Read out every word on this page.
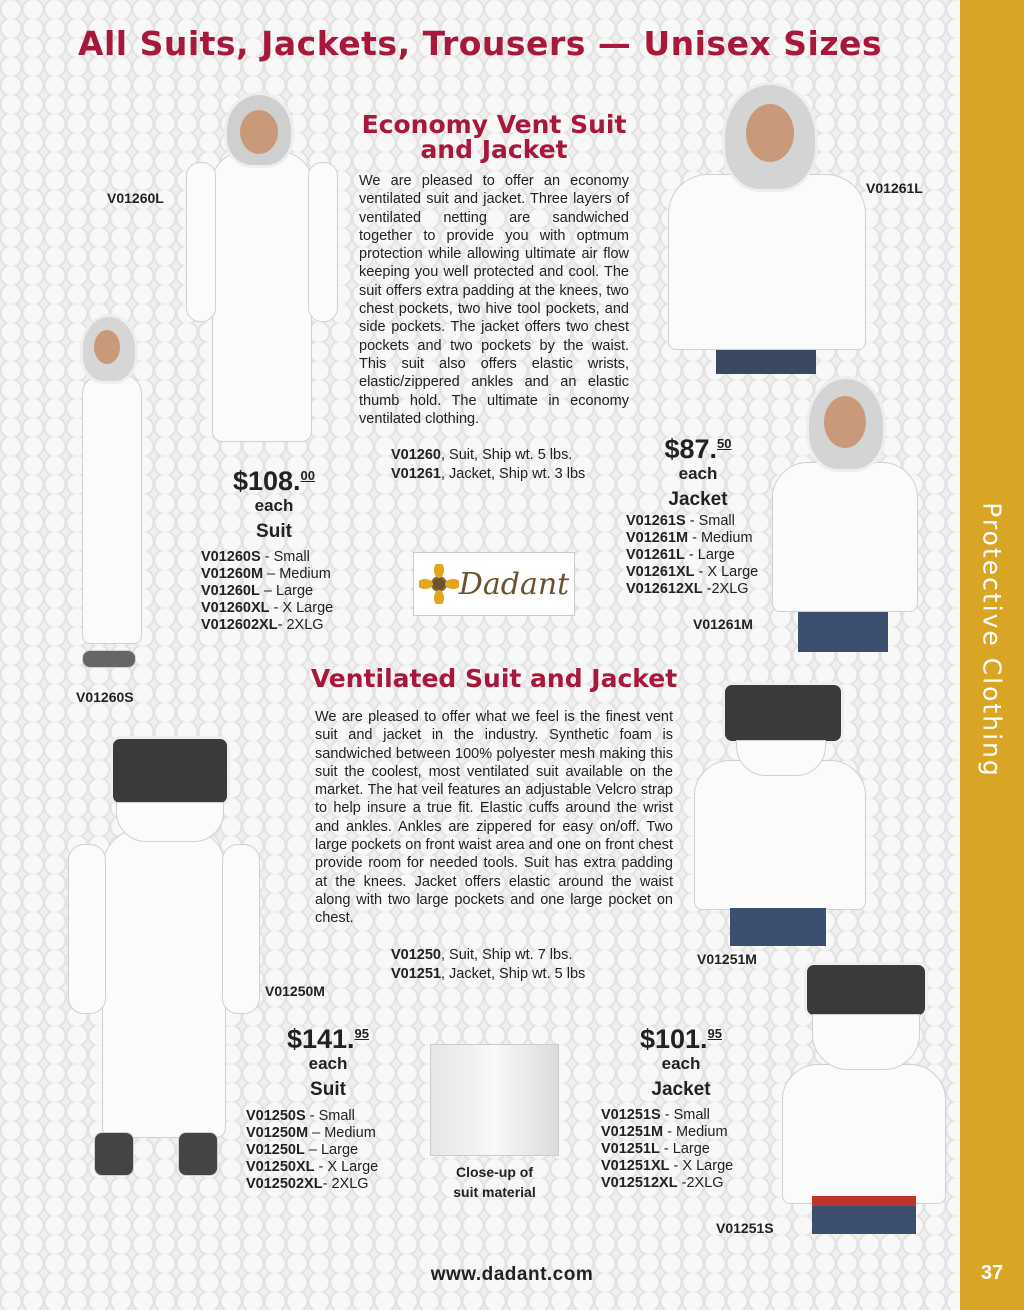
All Suits, Jackets, Trousers — Unisex Sizes
Protective Clothing
37
V01260L
V01260S
Economy Vent Suit
and Jacket
We are pleased to offer an economy ventilated suit and jacket. Three layers of ventilated netting are sandwiched together to provide you with optmum protection while allowing ultimate air flow keeping you well protected and cool. The suit offers extra padding at the knees, two chest pockets, two hive tool pockets, and side pockets. The jacket offers two chest pockets and two pockets by the waist. This suit also offers elastic wrists, elastic/zippered ankles and an elastic thumb hold. The ultimate in economy ventilated clothing.
V01260, Suit, Ship wt. 5 lbs.
V01261, Jacket, Ship wt. 3 lbs
$108.00
each
Suit
V01260S - Small
V01260M – Medium
V01260L – Large
V01260XL - X Large
V012602XL- 2XLG
V01261L
V01261M
$87.50
each
Jacket
V01261S - Small
V01261M - Medium
V01261L - Large
V01261XL - X Large
V012612XL -2XLG
Dadant
Ventilated Suit and Jacket
We are pleased to offer what we feel is the finest vent suit and jacket in the industry. Synthetic foam is sandwiched between 100% polyester mesh making this suit the coolest, most ventilated suit available on the market. The hat veil features an adjustable Velcro strap to help insure a true fit. Elastic cuffs around the wrist and ankles. Ankles are zippered for easy on/off. Two large pockets on front waist area and one on front chest provide room for needed tools. Suit has extra padding at the knees. Jacket offers elastic around the waist along with two large pockets and one large pocket on chest.
V01250, Suit, Ship wt. 7 lbs.
V01251, Jacket, Ship wt. 5 lbs
V01250M
$141.95
each
Suit
V01250S - Small
V01250M – Medium
V01250L – Large
V01250XL - X Large
V012502XL- 2XLG
Close-up of
suit material
V01251M
V01251S
$101.95
each
Jacket
V01251S - Small
V01251M - Medium
V01251L - Large
V01251XL - X Large
V012512XL -2XLG
www.dadant.com
